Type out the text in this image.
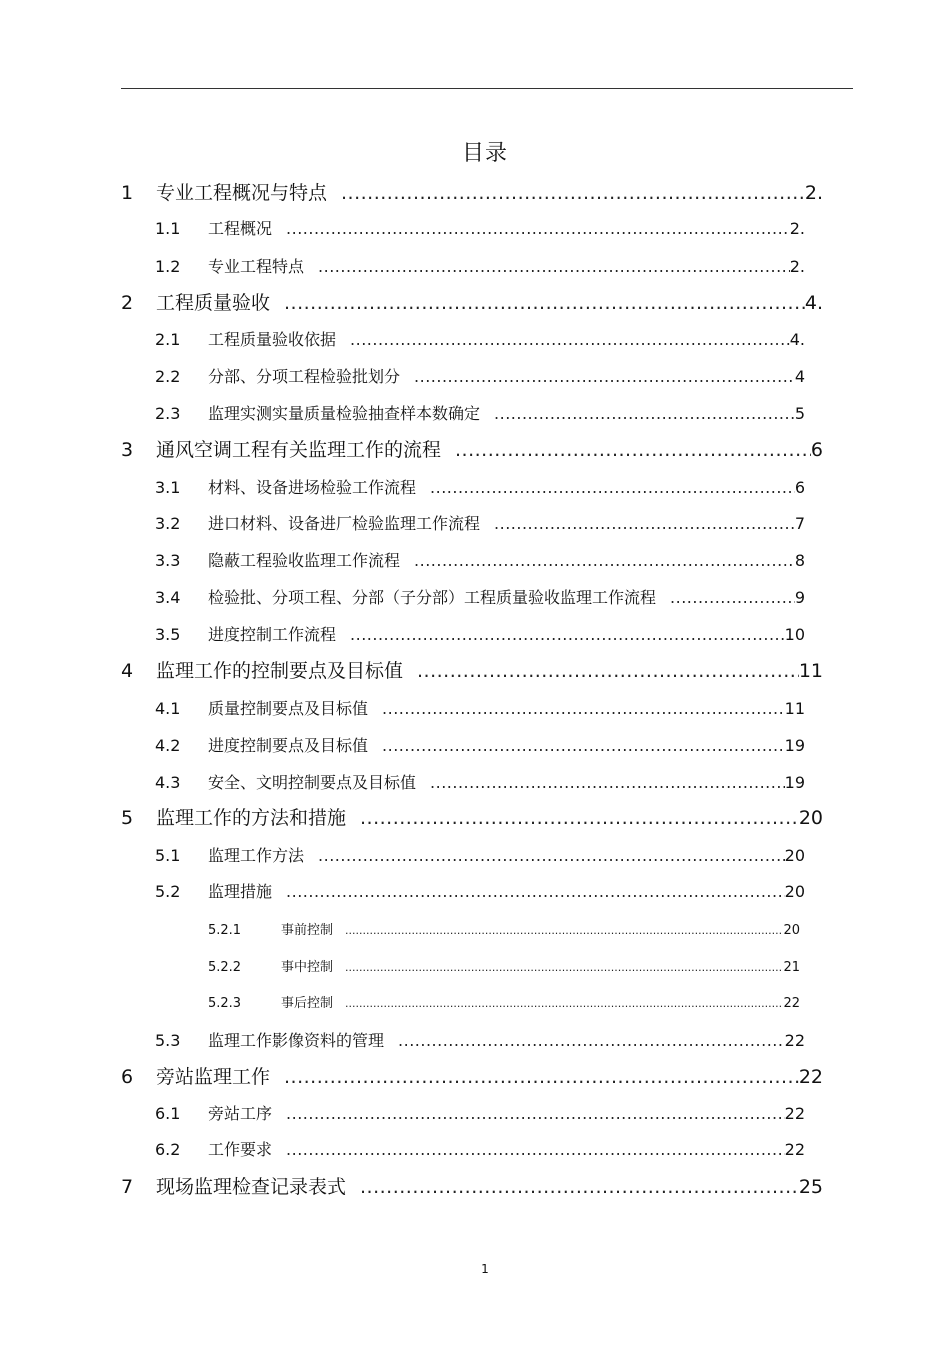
目录
1	专业工程概况与特点 .....	2.
1.1	工程概况 .....	2.
1.2	专业工程特点 .....	2.
2	工程质量验收 .....	4.
2.1	工程质量验收依据 .....	4.
2.2	分部、分项工程检验批划分 .....	4
2.3	监理实测实量质量检验抽查样本数确定 .....	5
3	通风空调工程有关监理工作的流程 .....	6
3.1	材料、设备进场检验工作流程 .....	6
3.2	进口材料、设备进厂检验监理工作流程 .....	7
3.3	隐蔽工程验收监理工作流程 .....	8
3.4	检验批、分项工程、分部（子分部）工程质量验收监理工作流程 .....	9
3.5	进度控制工作流程 .....	10
4	监理工作的控制要点及目标值 .....	11
4.1	质量控制要点及目标值 .....	11
4.2	进度控制要点及目标值 .....	19
4.3	安全、文明控制要点及目标值 .....	19
5	监理工作的方法和措施 .....	20
5.1	监理工作方法 .....	20
5.2	监理措施 .....	20
5.2.1	事前控制 .....	20
5.2.2	事中控制 .....	21
5.2.3	事后控制 .....	22
5.3	监理工作影像资料的管理 .....	22
6	旁站监理工作 .....	22
6.1	旁站工序 .....	22
6.2	工作要求 .....	22
7	现场监理检查记录表式 .....	25
1
